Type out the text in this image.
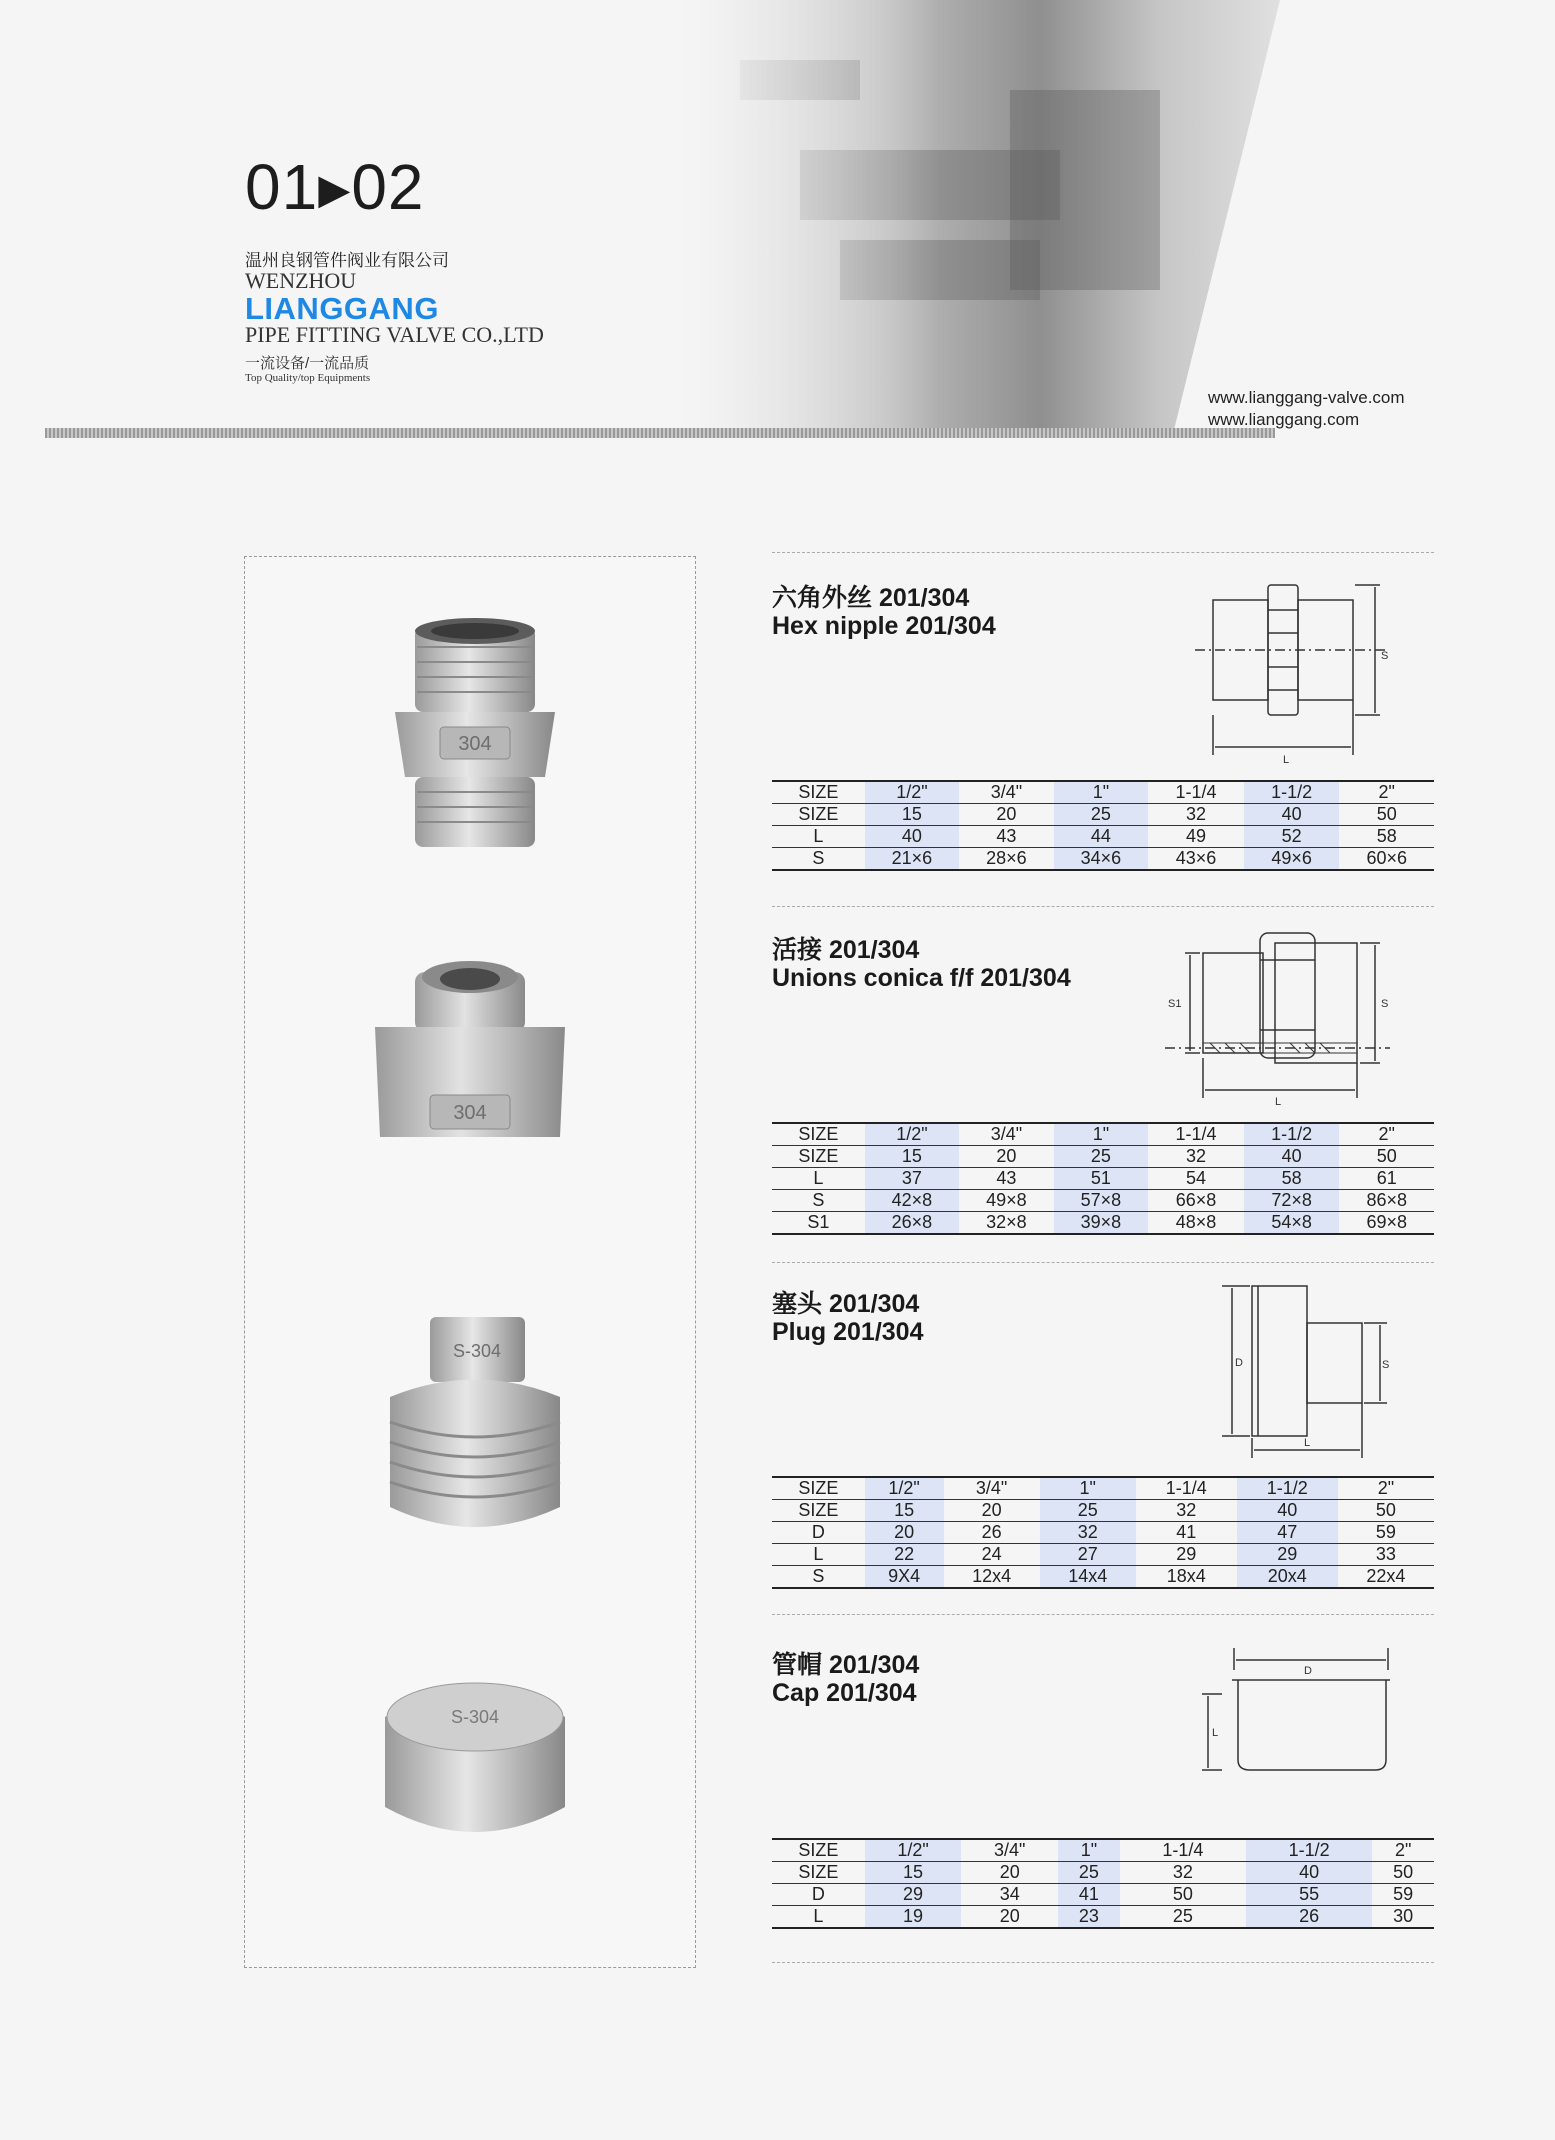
01▸02
温州良钢管件阀业有限公司
WENZHOU
LIANGGANG
PIPE FITTING VALVE CO.,LTD
一流设备/一流品质
Top Quality/top Equipments
www.lianggang-valve.com
www.lianggang.com
304
304
S-304
S-304
六角外丝 201/304
Hex nipple 201/304
L
S
SIZE	1/2"	3/4"	1"	1-1/4	1-1/2	2"
SIZE	15	20	25	32	40	50
L	40	43	44	49	52	58
S	21×6	28×6	34×6	43×6	49×6	60×6
活接 201/304
Unions conica f/f 201/304
S1	S
L
SIZE	1/2"	3/4"	1"	1-1/4	1-1/2	2"
SIZE	15	20	25	32	40	50
L	37	43	51	54	58	61
S	42×8	49×8	57×8	66×8	72×8	86×8
S1	26×8	32×8	39×8	48×8	54×8	69×8
塞头 201/304
Plug 201/304
D	S
L
SIZE	1/2"	3/4"	1"	1-1/4	1-1/2	2"
SIZE	15	20	25	32	40	50
D	20	26	32	41	47	59
L	22	24	27	29	29	33
S	9X4	12x4	14x4	18x4	20x4	22x4
管帽 201/304
Cap 201/304
D
L
SIZE	1/2"	3/4"	1"	1-1/4	1-1/2	2"
SIZE	15	20	25	32	40	50
D	29	34	41	50	55	59
L	19	20	23	25	26	30
